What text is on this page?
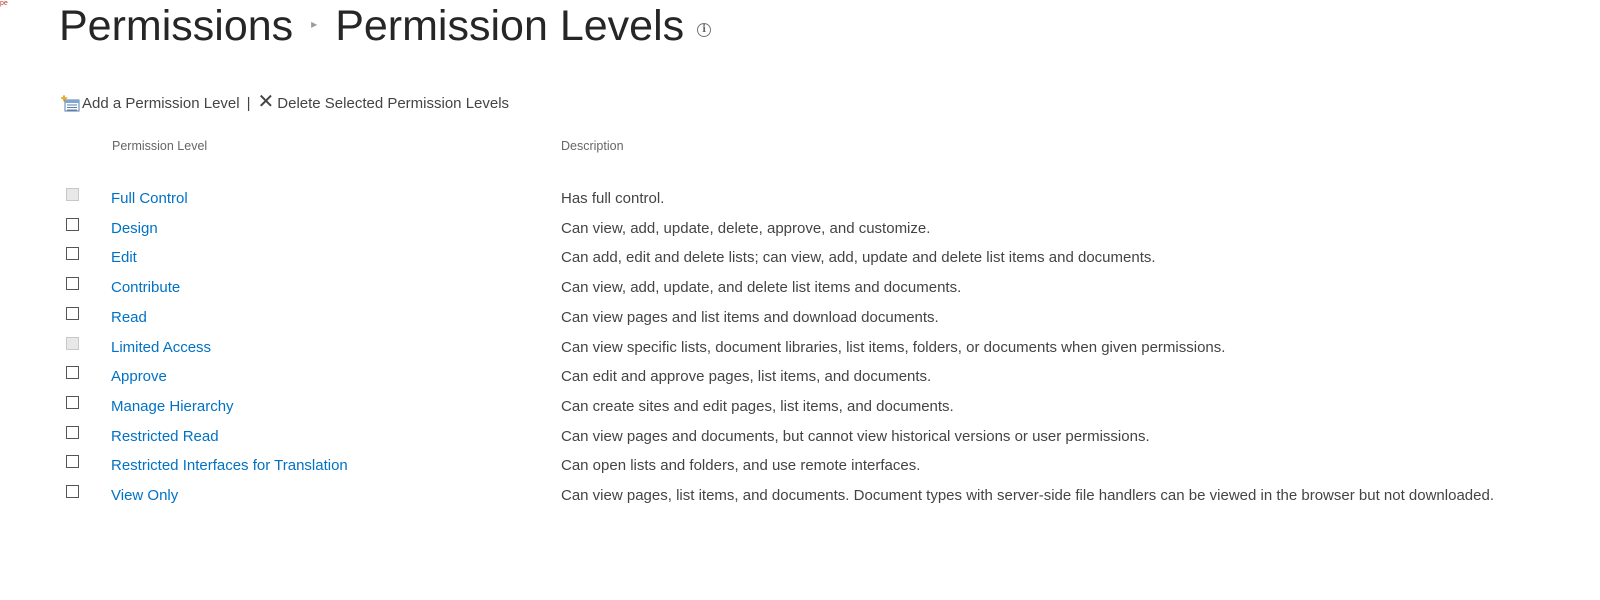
pe Permissions ▸ Permission Levels	i
Add a Permission Level | ✕ Delete Selected Permission Levels
Permission Level	Description
Full Control	Has full control.
Design	Can view, add, update, delete, approve, and customize.
Edit	Can add, edit and delete lists; can view, add, update and delete list items and documents.
Contribute	Can view, add, update, and delete list items and documents.
Read	Can view pages and list items and download documents.
Limited Access	Can view specific lists, document libraries, list items, folders, or documents when given permissions.
Approve	Can edit and approve pages, list items, and documents.
Manage Hierarchy	Can create sites and edit pages, list items, and documents.
Restricted Read	Can view pages and documents, but cannot view historical versions or user permissions.
Restricted Interfaces for Translation	Can open lists and folders, and use remote interfaces.
View Only	Can view pages, list items, and documents. Document types with server-side file handlers can be viewed in the browser but not downloaded.
